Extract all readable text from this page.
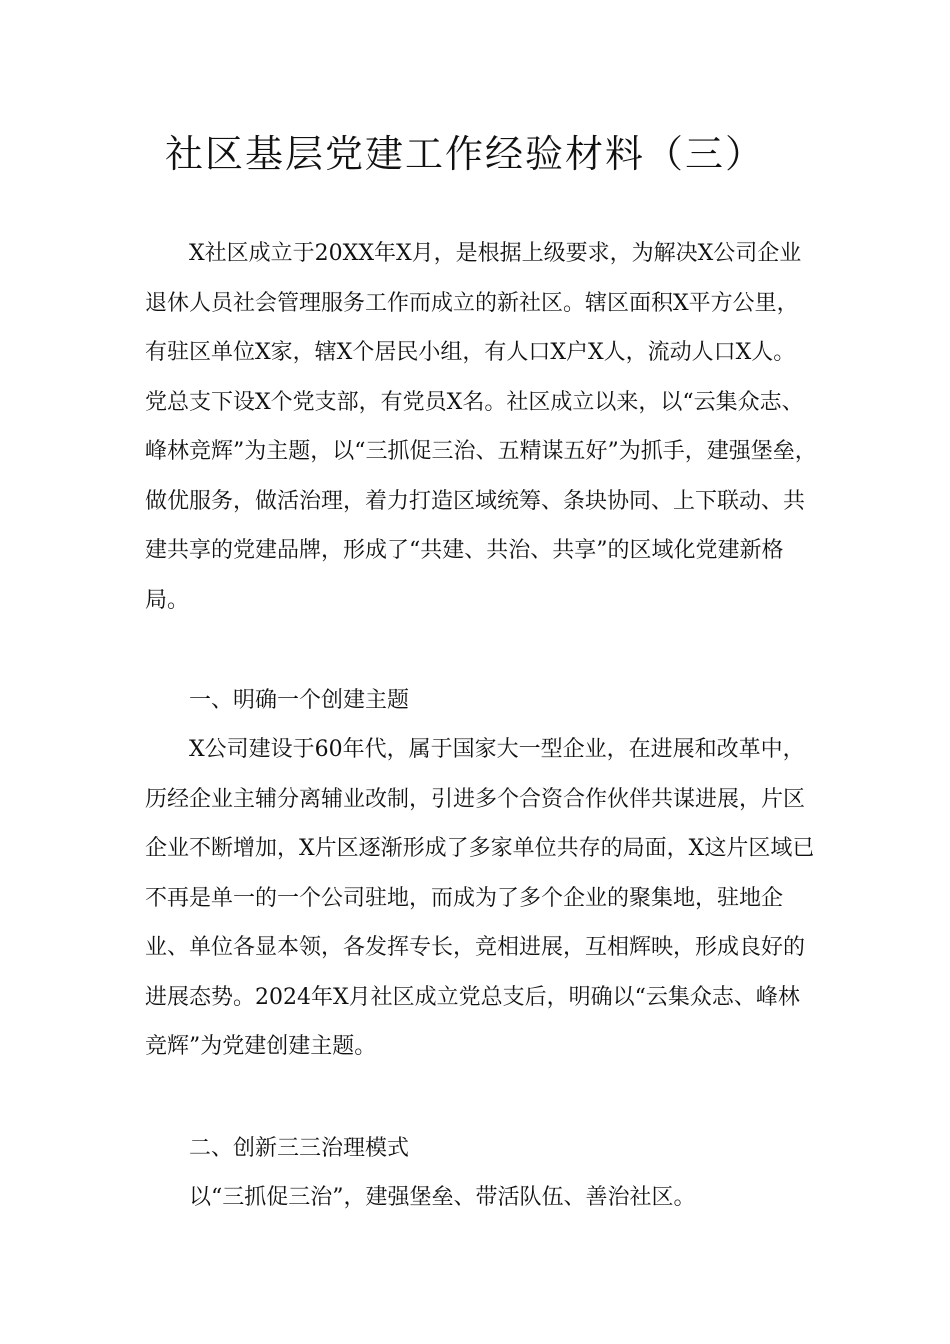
社区基层党建工作经验材料（三）

X社区成立于20XX年X月，是根据上级要求，为解决X公司企业退休人员社会管理服务工作而成立的新社区。辖区面积X平方公里，有驻区单位X家，辖X个居民小组，有人口X户X人，流动人口X人。党总支下设X个党支部，有党员X名。社区成立以来，以“云集众志、峰林竞辉”为主题，以“三抓促三治、五精谋五好”为抓手，建强堡垒，做优服务，做活治理，着力打造区域统筹、条块协同、上下联动、共建共享的党建品牌，形成了“共建、共治、共享”的区域化党建新格局。

一、明确一个创建主题

X公司建设于60年代，属于国家大一型企业，在进展和改革中，历经企业主辅分离辅业改制，引进多个合资合作伙伴共谋进展，片区企业不断增加，X片区逐渐形成了多家单位共存的局面，X这片区域已不再是单一的一个公司驻地，而成为了多个企业的聚集地，驻地企业、单位各显本领，各发挥专长，竞相进展，互相辉映，形成良好的进展态势。2024年X月社区成立党总支后，明确以“云集众志、峰林竞辉”为党建创建主题。

二、创新三三治理模式

以“三抓促三治”，建强堡垒、带活队伍、善治社区。
